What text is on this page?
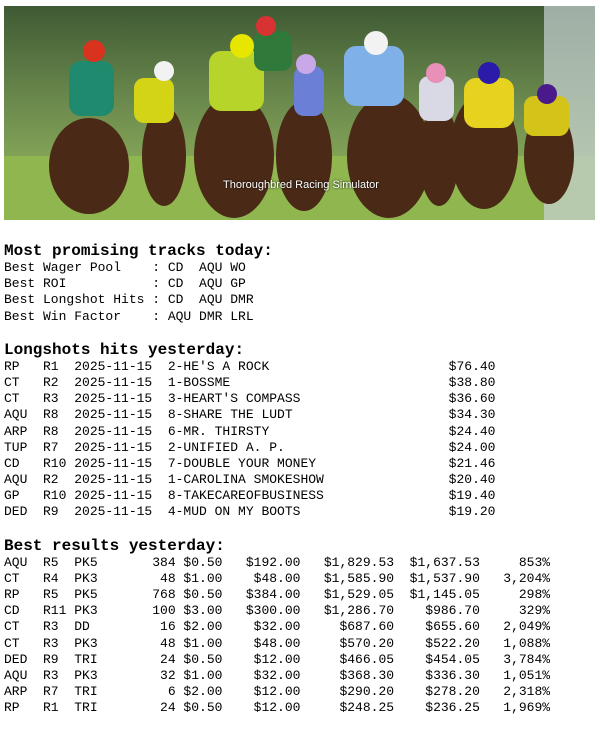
Thoroughbred Racing Simulator
Most promising tracks today:
Best Wager Pool    : CD  AQU WO
Best ROI           : CD  AQU GP
Best Longshot Hits : CD  AQU DMR
Best Win Factor    : AQU DMR LRL
Longshots hits yesterday:
RP   R1  2025-11-15  2-HE'S A ROCK                       $76.40
CT   R2  2025-11-15  1-BOSSME                            $38.80
CT   R3  2025-11-15  3-HEART'S COMPASS                   $36.60
AQU  R8  2025-11-15  8-SHARE THE LUDT                    $34.30
ARP  R8  2025-11-15  6-MR. THIRSTY                       $24.40
TUP  R7  2025-11-15  2-UNIFIED A. P.                     $24.00
CD   R10 2025-11-15  7-DOUBLE YOUR MONEY                 $21.46
AQU  R2  2025-11-15  1-CAROLINA SMOKESHOW                $20.40
GP   R10 2025-11-15  8-TAKECAREOFBUSINESS                $19.40
DED  R9  2025-11-15  4-MUD ON MY BOOTS                   $19.20
Best results yesterday:
AQU  R5  PK5       384 $0.50   $192.00   $1,829.53  $1,637.53     853%
CT   R4  PK3        48 $1.00    $48.00   $1,585.90  $1,537.90   3,204%
RP   R5  PK5       768 $0.50   $384.00   $1,529.05  $1,145.05     298%
CD   R11 PK3       100 $3.00   $300.00   $1,286.70    $986.70     329%
CT   R3  DD         16 $2.00    $32.00     $687.60    $655.60   2,049%
CT   R3  PK3        48 $1.00    $48.00     $570.20    $522.20   1,088%
DED  R9  TRI        24 $0.50    $12.00     $466.05    $454.05   3,784%
AQU  R3  PK3        32 $1.00    $32.00     $368.30    $336.30   1,051%
ARP  R7  TRI         6 $2.00    $12.00     $290.20    $278.20   2,318%
RP   R1  TRI        24 $0.50    $12.00     $248.25    $236.25   1,969%
